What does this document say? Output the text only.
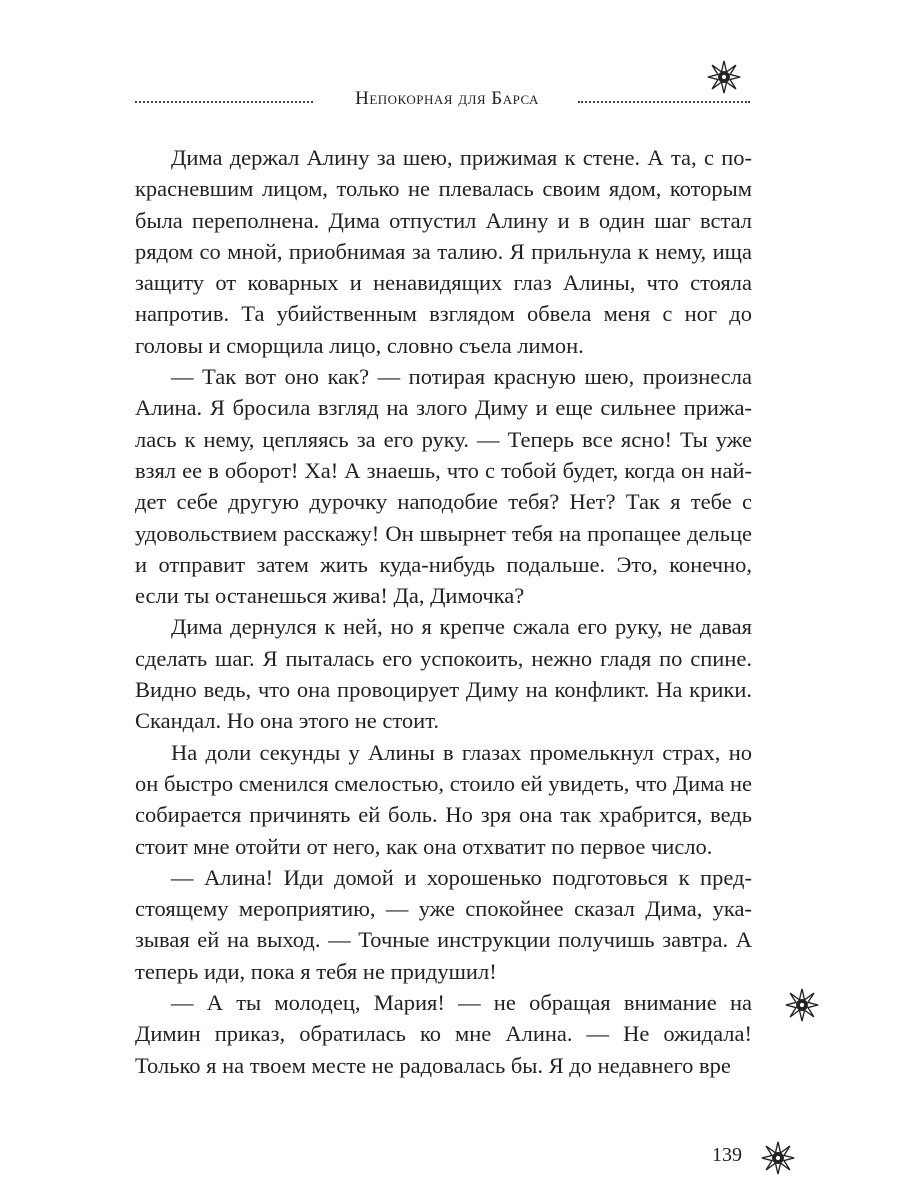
Непокорная для Барса

Дима держал Алину за шею, прижимая к стене. А та, с покрасневшим лицом, только не плевалась своим ядом, которым была переполнена. Дима отпустил Алину и в один шаг встал рядом со мной, приобнимая за талию. Я прильнула к нему, ища защиту от коварных и ненавидящих глаз Алины, что стояла напротив. Та убийственным взглядом обвела меня с ног до головы и сморщила лицо, словно съела лимон.

— Так вот оно как? — потирая красную шею, произнесла Алина. Я бросила взгляд на злого Диму и еще сильнее прижалась к нему, цепляясь за его руку. — Теперь все ясно! Ты уже взял ее в оборот! Ха! А знаешь, что с тобой будет, когда он найдет себе другую дурочку наподобие тебя? Нет? Так я тебе с удовольствием расскажу! Он швырнет тебя на пропащее дельце и отправит затем жить куда-нибудь подальше. Это, конечно, если ты останешься жива! Да, Димочка?

Дима дернулся к ней, но я крепче сжала его руку, не давая сделать шаг. Я пыталась его успокоить, нежно гладя по спине. Видно ведь, что она провоцирует Диму на конфликт. На крики. Скандал. Но она этого не стоит.

На доли секунды у Алины в глазах промелькнул страх, но он быстро сменился смелостью, стоило ей увидеть, что Дима не собирается причинять ей боль. Но зря она так храбрится, ведь стоит мне отойти от него, как она отхватит по первое число.

— Алина! Иди домой и хорошенько подготовься к предстоящему мероприятию, — уже спокойнее сказал Дима, указывая ей на выход. — Точные инструкции получишь завтра. А теперь иди, пока я тебя не придушил!

— А ты молодец, Мария! — не обращая внимание на Димин приказ, обратилась ко мне Алина. — Не ожидала! Только я на твоем месте не радовалась бы. Я до недавнего вре

139
